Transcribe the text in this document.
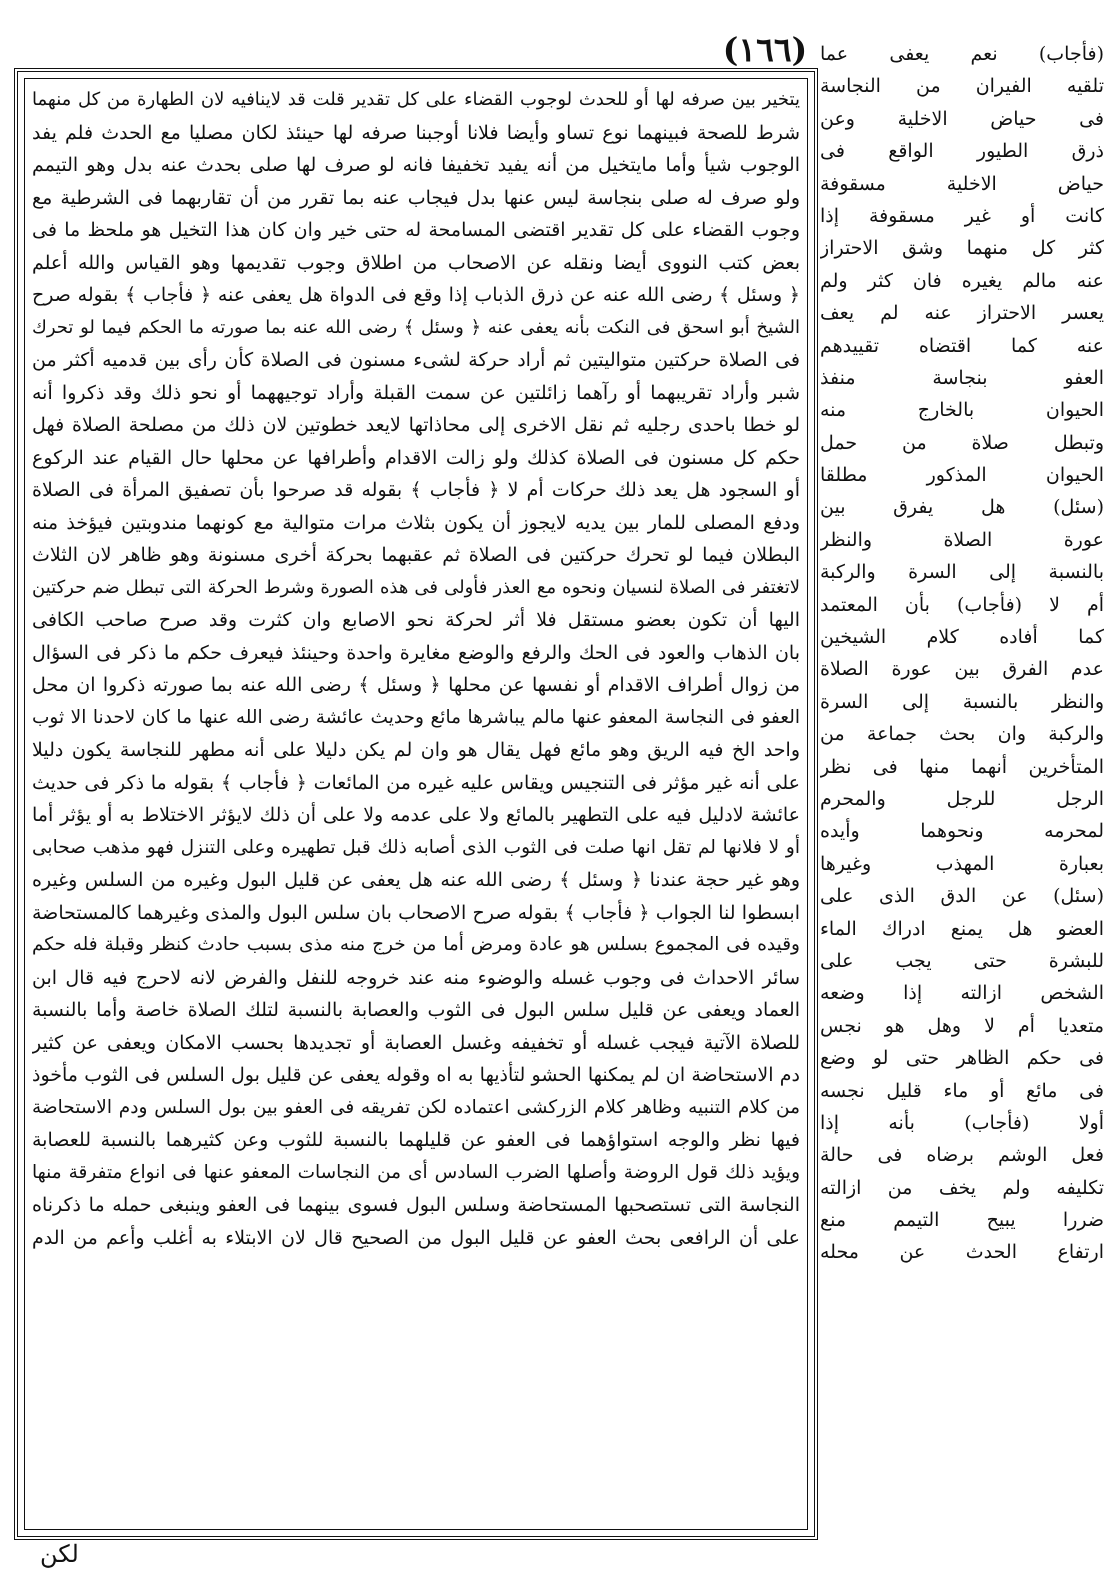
(١٦٦)
يتخير بين صرفه لها أو للحدث لوجوب القضاء على كل تقدير قلت قد لاينافيه لان الطهارة من كل منهما
شرط للصحة فبينهما نوع تساو وأيضا فلانا أوجبنا صرفه لها حينئذ لكان مصليا مع الحدث فلم يفد
الوجوب شيأ وأما مايتخيل من أنه يفيد تخفيفا فانه لو صرف لها صلى بحدث عنه بدل وهو التيمم
ولو صرف له صلى بنجاسة ليس عنها بدل فيجاب عنه بما تقرر من أن تقاربهما فى الشرطية مع
وجوب القضاء على كل تقدير اقتضى المسامحة له حتى خير وان كان هذا التخيل هو ملحظ ما فى
بعض كتب النووى أيضا ونقله عن الاصحاب من اطلاق وجوب تقديمها وهو القياس والله أعلم
﴿ وسئل ﴾ رضى الله عنه عن ذرق الذباب إذا وقع فى الدواة هل يعفى عنه ﴿ فأجاب ﴾ بقوله صرح
الشيخ أبو اسحق فى النكت بأنه يعفى عنه ﴿ وسئل ﴾ رضى الله عنه بما صورته ما الحكم فيما لو تحرك
فى الصلاة حركتين متواليتين ثم أراد حركة لشىء مسنون فى الصلاة كأن رأى بين قدميه أكثر من
شبر وأراد تقريبهما أو رآهما زائلتين عن سمت القبلة وأراد توجيههما أو نحو ذلك وقد ذكروا أنه
لو خطا باحدى رجليه ثم نقل الاخرى إلى محاذاتها لايعد خطوتين لان ذلك من مصلحة الصلاة فهل
حكم كل مسنون فى الصلاة كذلك ولو زالت الاقدام وأطرافها عن محلها حال القيام عند الركوع
أو السجود هل يعد ذلك حركات أم لا ﴿ فأجاب ﴾ بقوله قد صرحوا بأن تصفيق المرأة فى الصلاة
ودفع المصلى للمار بين يديه لايجوز أن يكون بثلاث مرات متوالية مع كونهما مندوبتين فيؤخذ منه
البطلان فيما لو تحرك حركتين فى الصلاة ثم عقبهما بحركة أخرى مسنونة وهو ظاهر لان الثلاث
لاتغتفر فى الصلاة لنسيان ونحوه مع العذر فأولى فى هذه الصورة وشرط الحركة التى تبطل ضم حركتين
اليها أن تكون بعضو مستقل فلا أثر لحركة نحو الاصابع وان كثرت وقد صرح صاحب الكافى
بان الذهاب والعود فى الحك والرفع والوضع مغايرة واحدة وحينئذ فيعرف حكم ما ذكر فى السؤال
من زوال أطراف الاقدام أو نفسها عن محلها ﴿ وسئل ﴾ رضى الله عنه بما صورته ذكروا ان محل
العفو فى النجاسة المعفو عنها مالم يباشرها مائع وحديث عائشة رضى الله عنها ما كان لاحدنا الا ثوب
واحد الخ فيه الريق وهو مائع فهل يقال هو وان لم يكن دليلا على أنه مطهر للنجاسة يكون دليلا
على أنه غير مؤثر فى التنجيس ويقاس عليه غيره من المائعات ﴿ فأجاب ﴾ بقوله ما ذكر فى حديث
عائشة لادليل فيه على التطهير بالمائع ولا على عدمه ولا على أن ذلك لايؤثر الاختلاط به أو يؤثر أما
أو لا فلانها لم تقل انها صلت فى الثوب الذى أصابه ذلك قبل تطهيره وعلى التنزل فهو مذهب صحابى
وهو غير حجة عندنا ﴿ وسئل ﴾ رضى الله عنه هل يعفى عن قليل البول وغيره من السلس وغيره
ابسطوا لنا الجواب ﴿ فأجاب ﴾ بقوله صرح الاصحاب بان سلس البول والمذى وغيرهما كالمستحاضة
وقيده فى المجموع بسلس هو عادة ومرض أما من خرج منه مذى بسبب حادث كنظر وقبلة فله حكم
سائر الاحداث فى وجوب غسله والوضوء منه عند خروجه للنفل والفرض لانه لاحرج فيه قال ابن
العماد ويعفى عن قليل سلس البول فى الثوب والعصابة بالنسبة لتلك الصلاة خاصة وأما بالنسبة
للصلاة الآتية فيجب غسله أو تخفيفه وغسل العصابة أو تجديدها بحسب الامكان ويعفى عن كثير
دم الاستحاضة ان لم يمكنها الحشو لتأذيها به اه وقوله يعفى عن قليل بول السلس فى الثوب مأخوذ
من كلام التنبيه وظاهر كلام الزركشى اعتماده لكن تفريقه فى العفو بين بول السلس ودم الاستحاضة
فيها نظر والوجه استواؤهما فى العفو عن قليلهما بالنسبة للثوب وعن كثيرهما بالنسبة للعصابة
ويؤيد ذلك قول الروضة وأصلها الضرب السادس أى من النجاسات المعفو عنها فى انواع متفرقة منها
النجاسة التى تستصحبها المستحاضة وسلس البول فسوى بينهما فى العفو وينبغى حمله ما ذكرناه
على أن الرافعى بحث العفو عن قليل البول من الصحيح قال لان الابتلاء به أغلب وأعم من الدم
(فأجاب) نعم يعفى عما
تلقيه الفيران من النجاسة
فى حياض الاخلية وعن
ذرق الطيور الواقع فى
حياض الاخلية مسقوفة
كانت أو غير مسقوفة إذا
كثر كل منهما وشق الاحتراز
عنه مالم يغيره فان كثر ولم
يعسر الاحتراز عنه لم يعف
عنه كما اقتضاه تقييدهم
العفو بنجاسة منفذ
الحيوان بالخارج منه
وتبطل صلاة من حمل
الحيوان المذكور مطلقا
(سئل) هل يفرق بين
عورة الصلاة والنظر
بالنسبة إلى السرة والركبة
أم لا (فأجاب) بأن المعتمد
كما أفاده كلام الشيخين
عدم الفرق بين عورة الصلاة
والنظر بالنسبة إلى السرة
والركبة وان بحث جماعة من
المتأخرين أنهما منها فى نظر
الرجل للرجل والمحرم
لمحرمه ونحوهما وأيده
بعبارة المهذب وغيرها
(سئل) عن الدق الذى على
العضو هل يمنع ادراك الماء
للبشرة حتى يجب على
الشخص ازالته إذا وضعه
متعديا أم لا وهل هو نجس
فى حكم الظاهر حتى لو وضع
فى مائع أو ماء قليل نجسه
أولا (فأجاب) بأنه إذا
فعل الوشم برضاه فى حالة
تكليفه ولم يخف من ازالته
ضررا يبيح التيمم منع
ارتفاع الحدث عن محله
لكن
